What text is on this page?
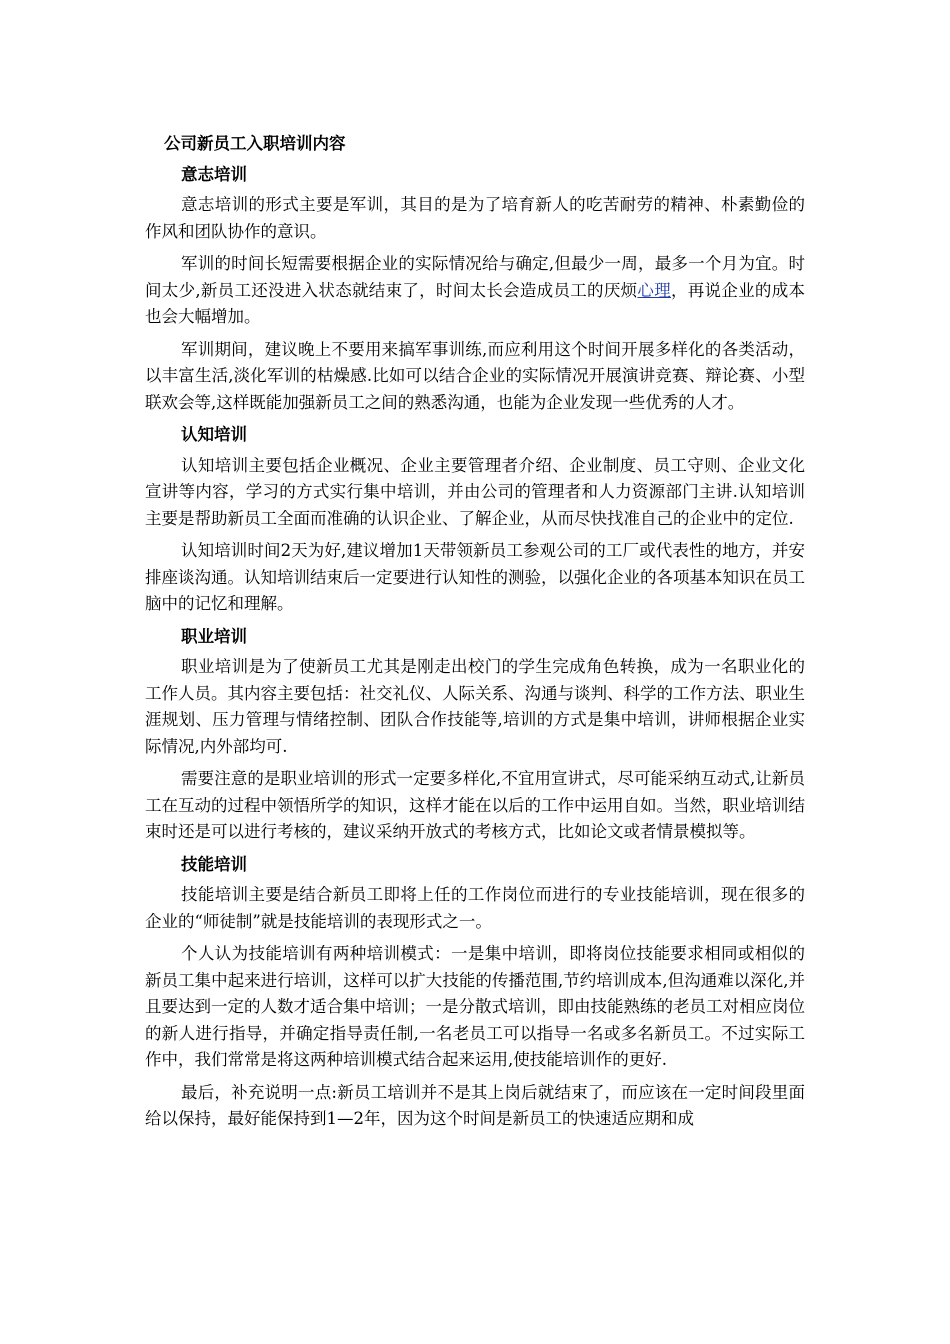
公司新员工入职培训内容
意志培训

意志培训的形式主要是军训，其目的是为了培育新人的吃苦耐劳的精神、朴素勤俭的作风和团队协作的意识。

军训的时间长短需要根据企业的实际情况给与确定,但最少一周，最多一个月为宜。时间太少,新员工还没进入状态就结束了，时间太长会造成员工的厌烦心理，再说企业的成本也会大幅增加。

军训期间，建议晚上不要用来搞军事训练,而应利用这个时间开展多样化的各类活动，以丰富生活,淡化军训的枯燥感.比如可以结合企业的实际情况开展演讲竞赛、辩论赛、小型联欢会等,这样既能加强新员工之间的熟悉沟通，也能为企业发现一些优秀的人才。

认知培训

认知培训主要包括企业概况、企业主要管理者介绍、企业制度、员工守则、企业文化宣讲等内容，学习的方式实行集中培训，并由公司的管理者和人力资源部门主讲.认知培训主要是帮助新员工全面而准确的认识企业、了解企业，从而尽快找准自己的企业中的定位.

认知培训时间2天为好,建议增加1天带领新员工参观公司的工厂或代表性的地方，并安排座谈沟通。认知培训结束后一定要进行认知性的测验，以强化企业的各项基本知识在员工脑中的记忆和理解。

职业培训

职业培训是为了使新员工尤其是刚走出校门的学生完成角色转换，成为一名职业化的工作人员。其内容主要包括：社交礼仪、人际关系、沟通与谈判、科学的工作方法、职业生涯规划、压力管理与情绪控制、团队合作技能等,培训的方式是集中培训，讲师根据企业实际情况,内外部均可.

需要注意的是职业培训的形式一定要多样化,不宜用宣讲式，尽可能采纳互动式,让新员工在互动的过程中领悟所学的知识，这样才能在以后的工作中运用自如。当然，职业培训结束时还是可以进行考核的，建议采纳开放式的考核方式，比如论文或者情景模拟等。

技能培训

技能培训主要是结合新员工即将上任的工作岗位而进行的专业技能培训，现在很多的企业的“师徒制”就是技能培训的表现形式之一。

个人认为技能培训有两种培训模式：一是集中培训，即将岗位技能要求相同或相似的新员工集中起来进行培训，这样可以扩大技能的传播范围,节约培训成本,但沟通难以深化,并且要达到一定的人数才适合集中培训；一是分散式培训，即由技能熟练的老员工对相应岗位的新人进行指导，并确定指导责任制,一名老员工可以指导一名或多名新员工。不过实际工作中，我们常常是将这两种培训模式结合起来运用,使技能培训作的更好.

最后，补充说明一点:新员工培训并不是其上岗后就结束了，而应该在一定时间段里面给以保持，最好能保持到1—2年，因为这个时间是新员工的快速适应期和成
